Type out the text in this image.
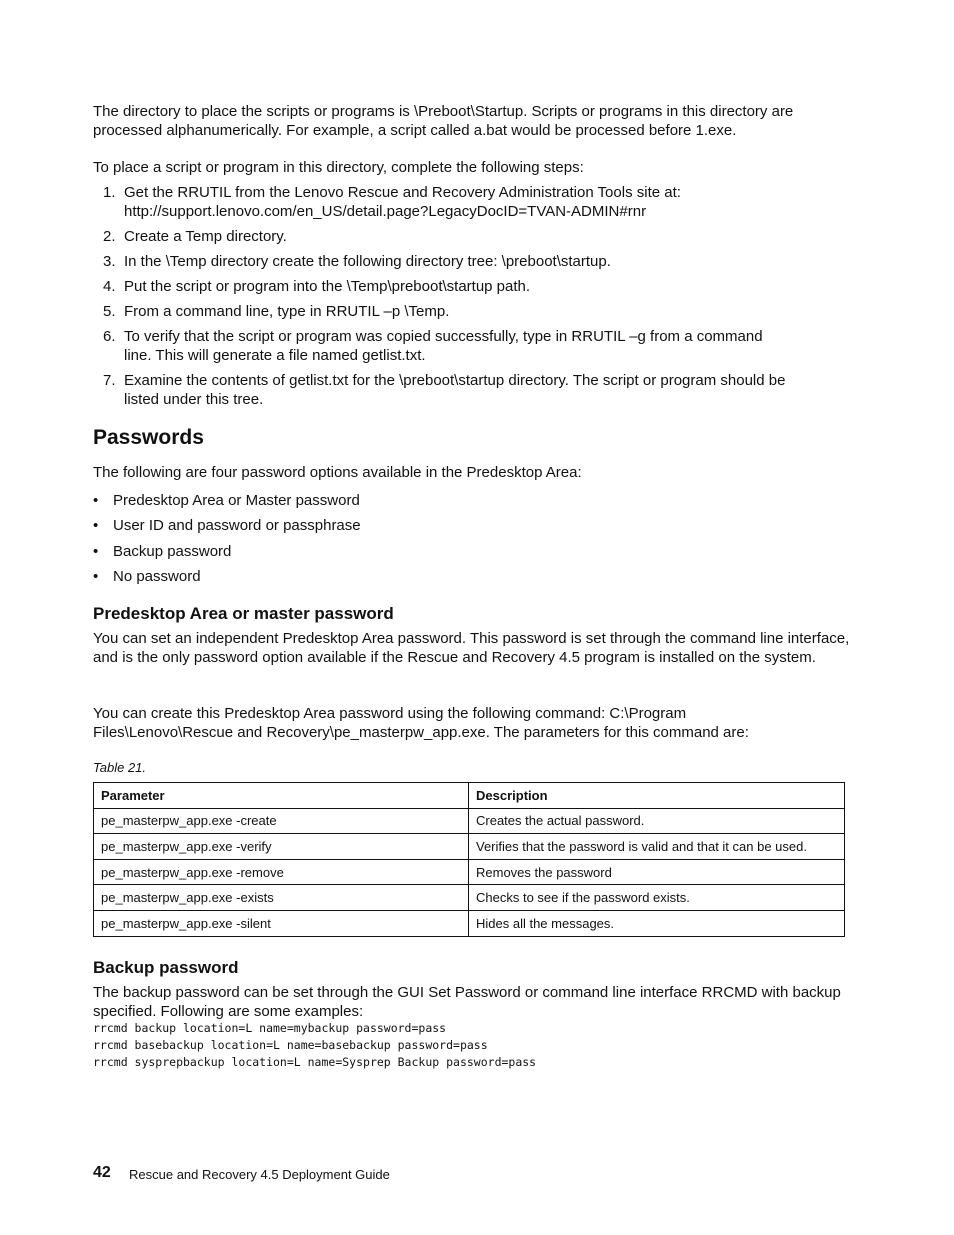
The directory to place the scripts or programs is \Preboot\Startup. Scripts or programs in this directory are processed alphanumerically. For example, a script called a.bat would be processed before 1.exe.

To place a script or program in this directory, complete the following steps:

1. Get the RRUTIL from the Lenovo Rescue and Recovery Administration Tools site at:
http://support.lenovo.com/en_US/detail.page?LegacyDocID=TVAN-ADMIN#rnr
2. Create a Temp directory.
3. In the \Temp directory create the following directory tree: \preboot\startup.
4. Put the script or program into the \Temp\preboot\startup path.
5. From a command line, type in RRUTIL –p \Temp.
6. To verify that the script or program was copied successfully, type in RRUTIL –g from a command
line. This will generate a file named getlist.txt.
7. Examine the contents of getlist.txt for the \preboot\startup directory. The script or program should be
listed under this tree.
Passwords

The following are four password options available in the Predesktop Area:

• Predesktop Area or Master password
• User ID and password or passphrase
• Backup password
• No password
Predesktop Area or master password

You can set an independent Predesktop Area password. This password is set through the command line interface, and is the only password option available if the Rescue and Recovery 4.5 program is installed on the system.

You can create this Predesktop Area password using the following command: C:\Program
Files\Lenovo\Rescue and Recovery\pe_masterpw_app.exe. The parameters for this command are:

Table 21.
Parameter	Description
pe_masterpw_app.exe -create	Creates the actual password.
pe_masterpw_app.exe -verify	Verifies that the password is valid and that it can be used.
pe_masterpw_app.exe -remove	Removes the password
pe_masterpw_app.exe -exists	Checks to see if the password exists.
pe_masterpw_app.exe -silent	Hides all the messages.
Backup password

The backup password can be set through the GUI Set Password or command line interface RRCMD with backup specified. Following are some examples:

rrcmd backup location=L name=mybackup password=pass
rrcmd basebackup location=L name=basebackup password=pass
rrcmd sysprepbackup location=L name=Sysprep Backup password=pass
42 Rescue and Recovery 4.5 Deployment Guide
